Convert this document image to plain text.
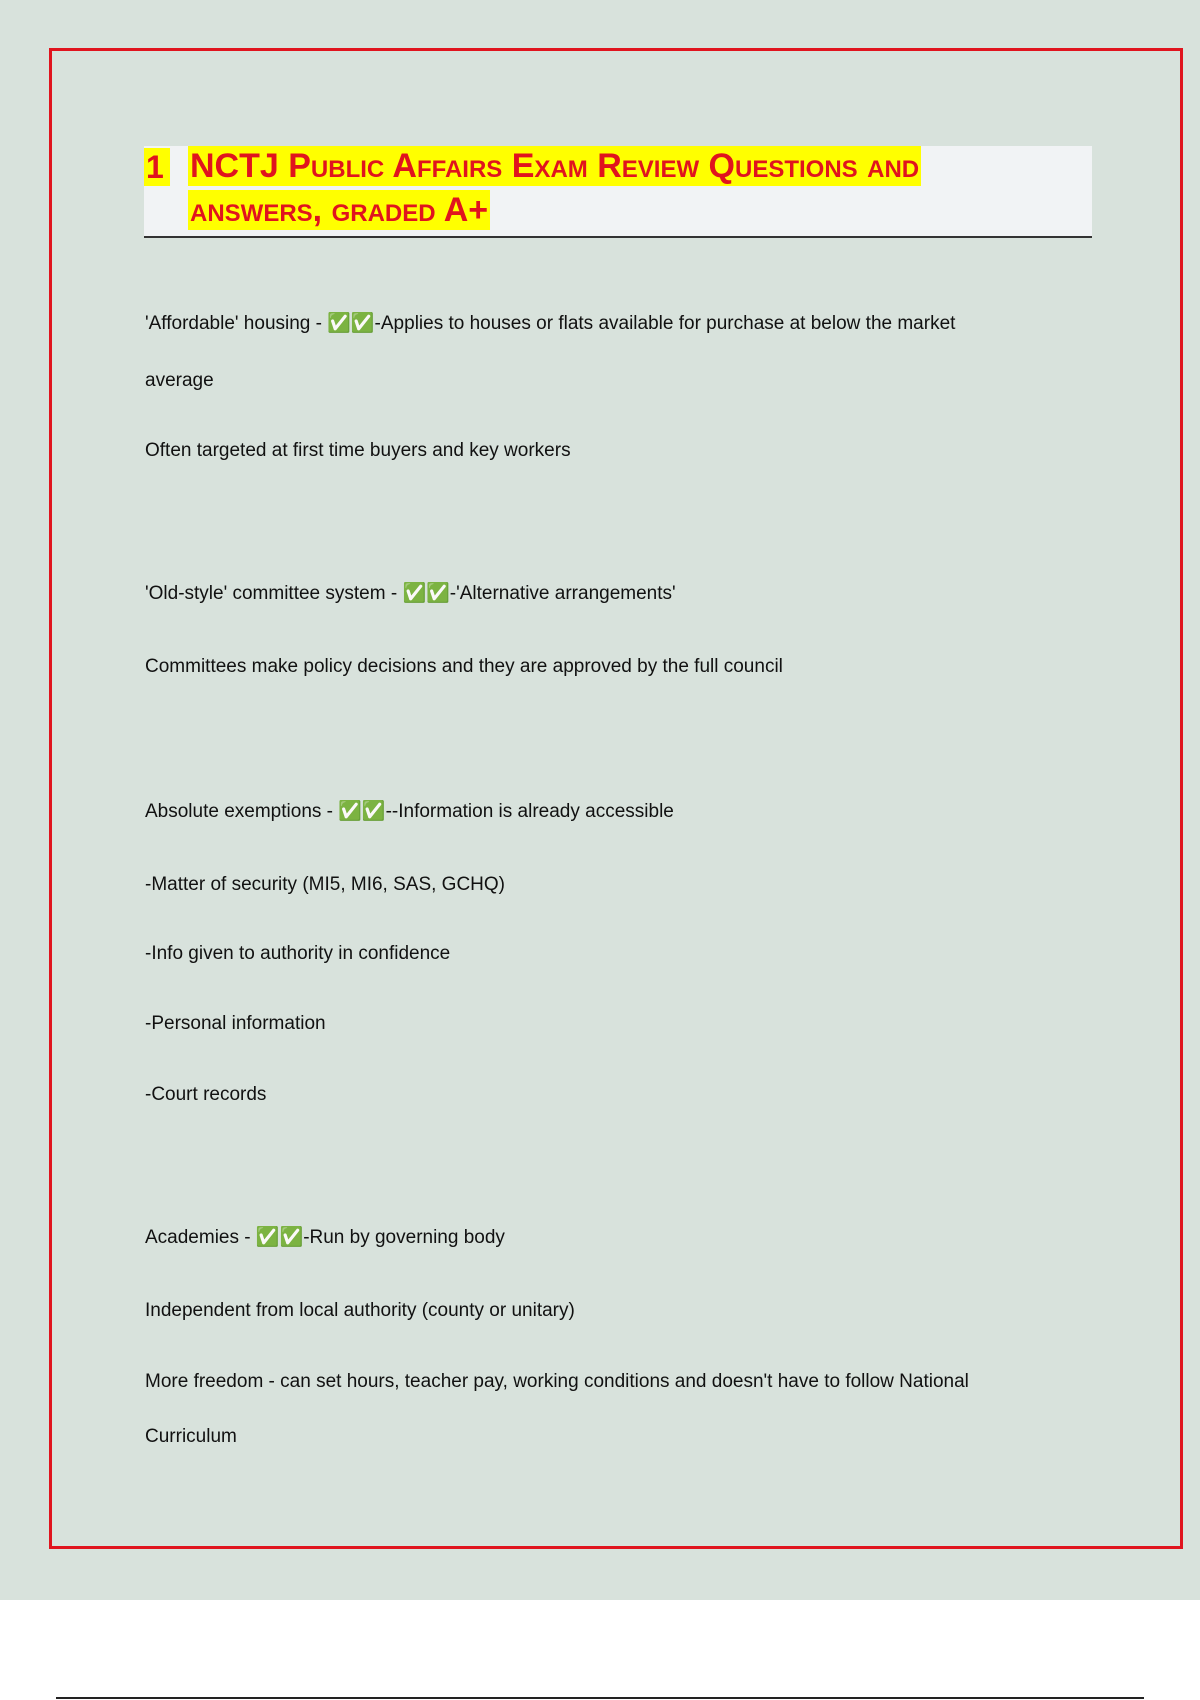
1 NCTJ Public Affairs Exam Review Questions and
answers, graded A+
'Affordable' housing - ✅✅-Applies to houses or flats available for purchase at below the market
average
Often targeted at first time buyers and key workers
'Old-style' committee system - ✅✅-'Alternative arrangements'
Committees make policy decisions and they are approved by the full council
Absolute exemptions - ✅✅--Information is already accessible
-Matter of security (MI5, MI6, SAS, GCHQ)
-Info given to authority in confidence
-Personal information
-Court records
Academies - ✅✅-Run by governing body
Independent from local authority (county or unitary)
More freedom - can set hours, teacher pay, working conditions and doesn't have to follow National
Curriculum
